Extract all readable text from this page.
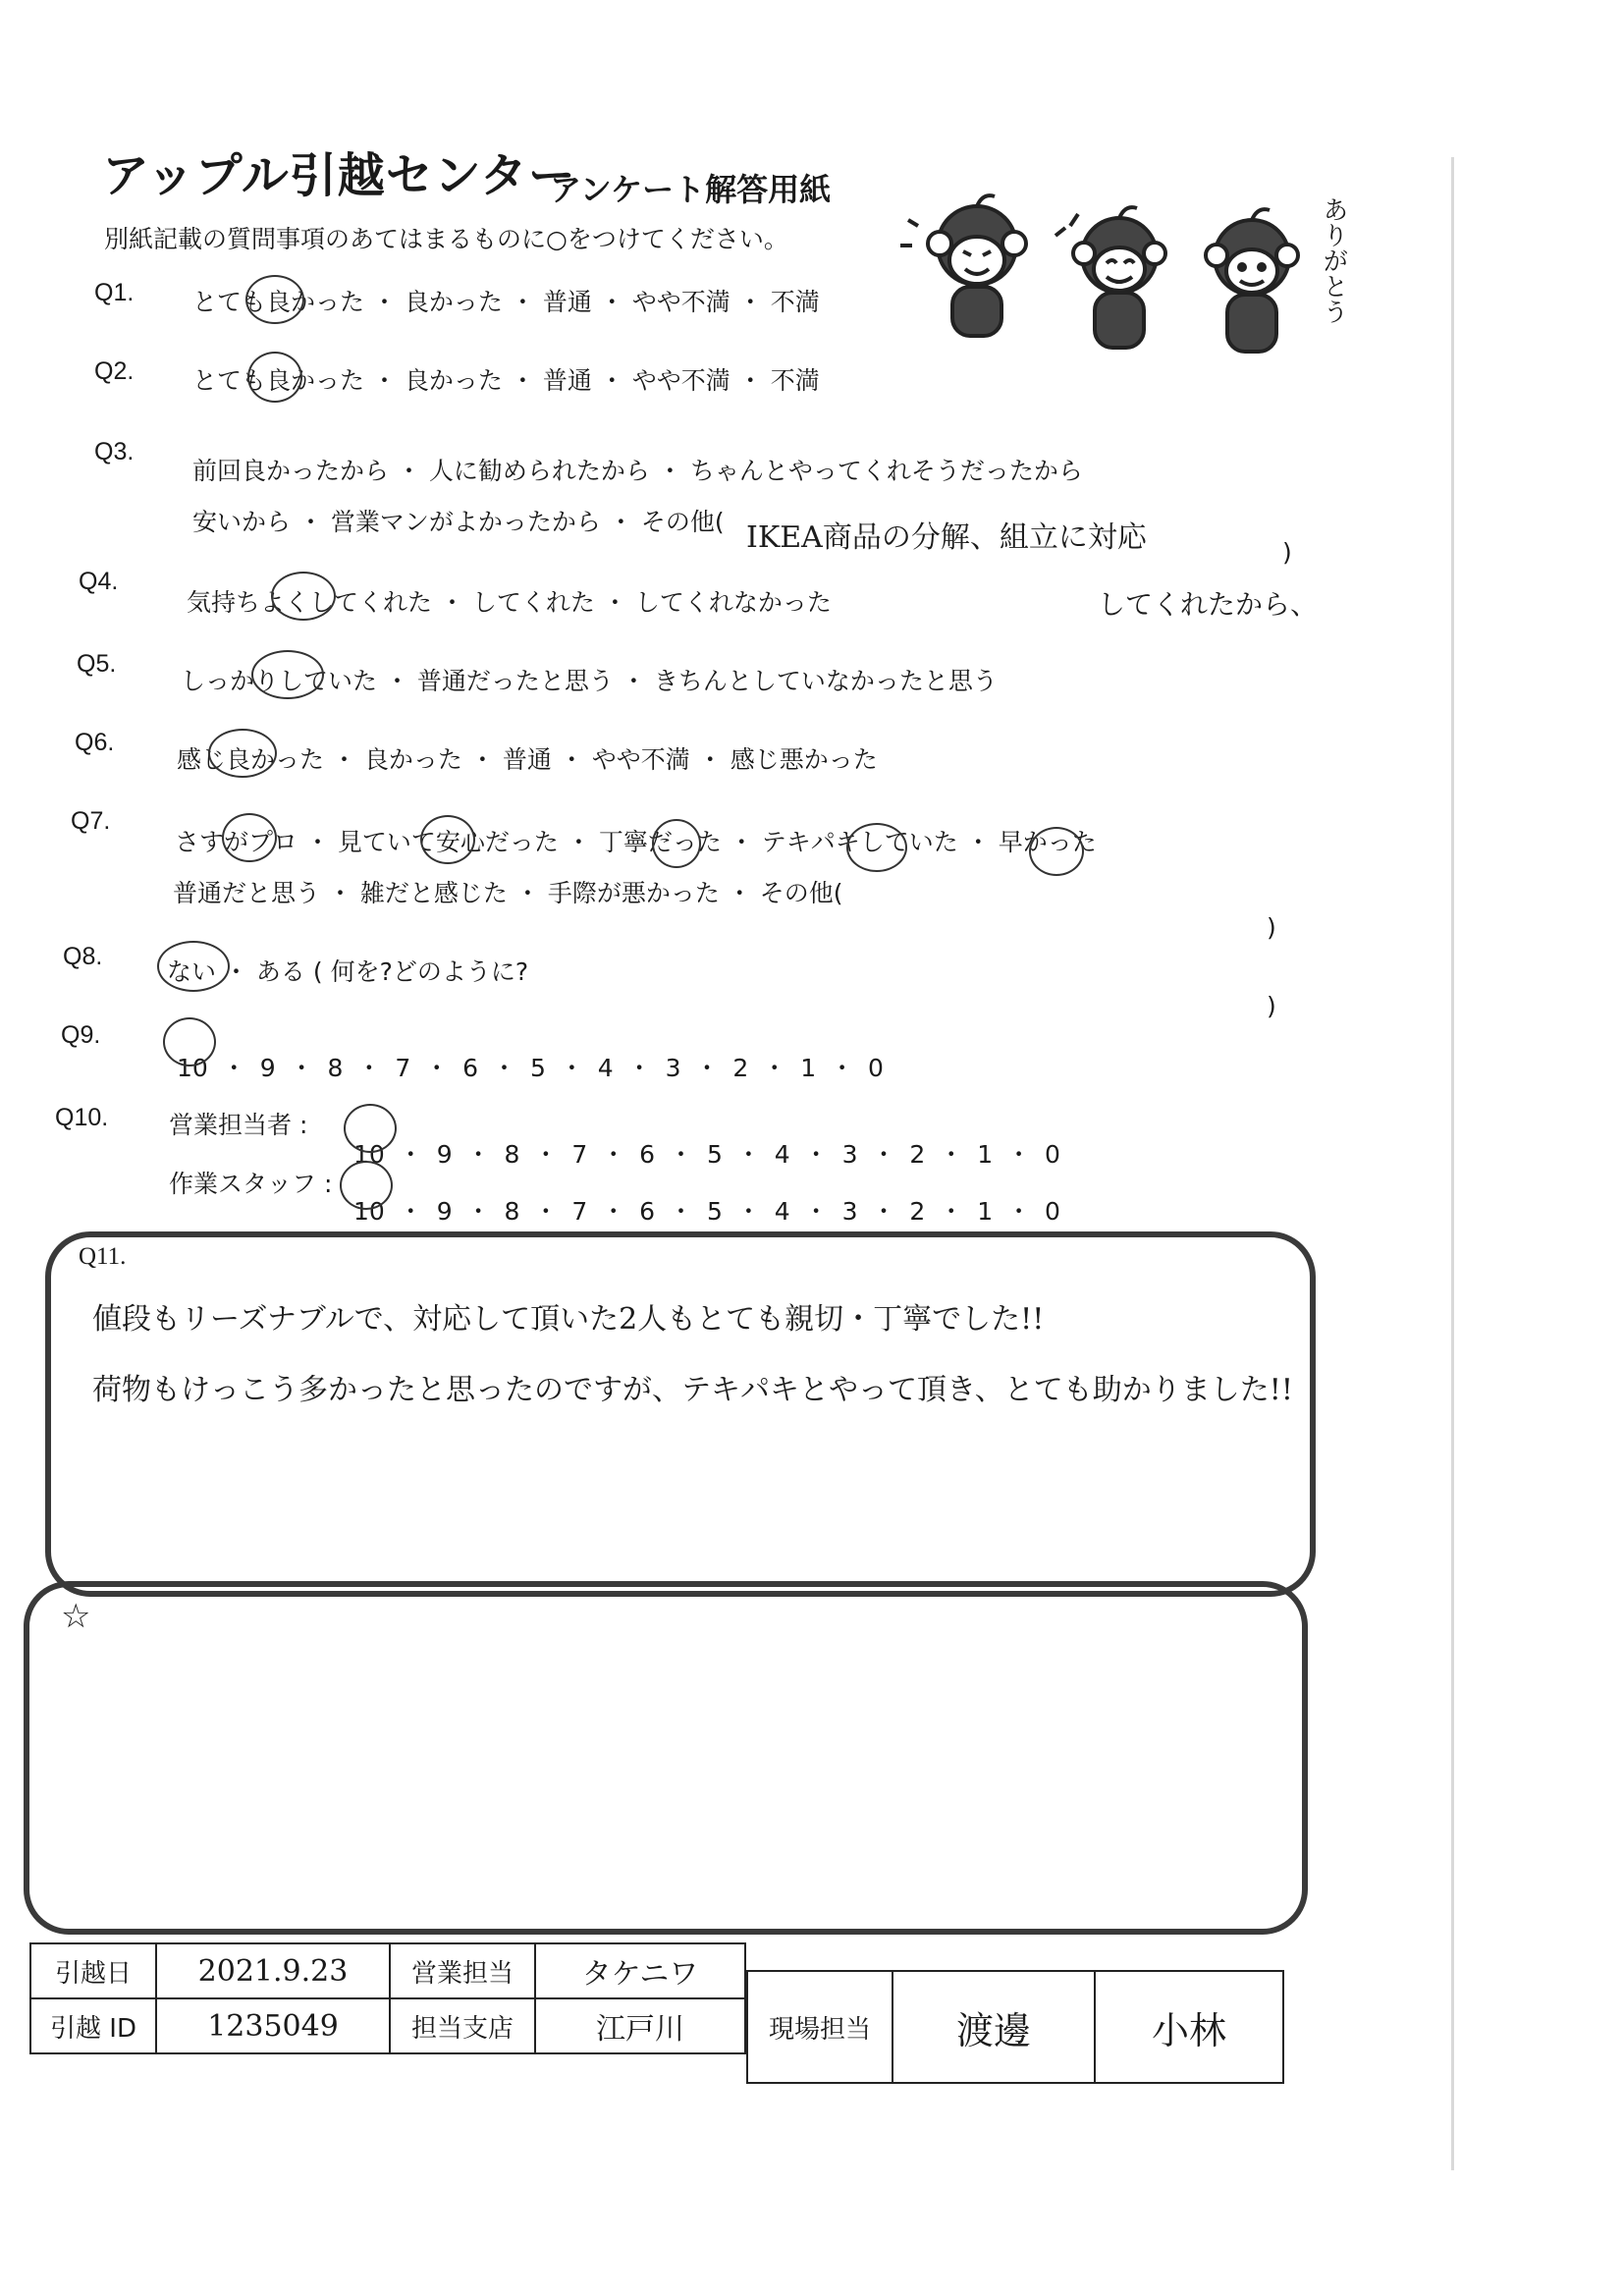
アップル引越センター
アンケート解答用紙
別紙記載の質問事項のあてはまるものに○をつけてください。	ありがとう
Q1. とても良かった ・ 良かった ・ 普通 ・ やや不満 ・ 不満
Q2. とても良かった ・ 良かった ・ 普通 ・ やや不満 ・ 不満
Q3.
前回良かったから ・ 人に勧められたから ・ ちゃんとやってくれそうだったから
安いから ・ 営業マンがよかったから ・ その他( IKEA商品の分解、組立に対応	)
してくれたから、
Q4.
気持ちよくしてくれた ・ してくれた ・ してくれなかった
Q5.
しっかりしていた ・ 普通だったと思う ・ きちんとしていなかったと思う
Q6.
感じ良かった ・ 良かった ・ 普通 ・ やや不満 ・ 感じ悪かった
Q7.
さすがプロ ・ 見ていて安心だった ・ 丁寧だった ・ テキパキしていた ・ 早かった
普通だと思う ・ 雑だと感じた ・ 手際が悪かった ・ その他(
)
Q8.
ない ・ ある ( 何を?どのように?
)
Q9.
10 ・ 9 ・ 8 ・ 7 ・ 6 ・ 5 ・ 4 ・ 3 ・ 2 ・ 1 ・ 0
Q10. 営業担当者 :
10 ・ 9 ・ 8 ・ 7 ・ 6 ・ 5 ・ 4 ・ 3 ・ 2 ・ 1 ・ 0
作業スタッフ :
10 ・ 9 ・ 8 ・ 7 ・ 6 ・ 5 ・ 4 ・ 3 ・ 2 ・ 1 ・ 0
Q11.
値段もリーズナブルで、対応して頂いた2人もとても親切・丁寧でした!!
荷物もけっこう多かったと思ったのですが、テキパキとやって頂き、とても助かりました!!
☆
引越日	2021.9.23	営業担当	タケニワ
引越 ID	1235049	担当支店	江戸川	現場担当	渡邊	小林
